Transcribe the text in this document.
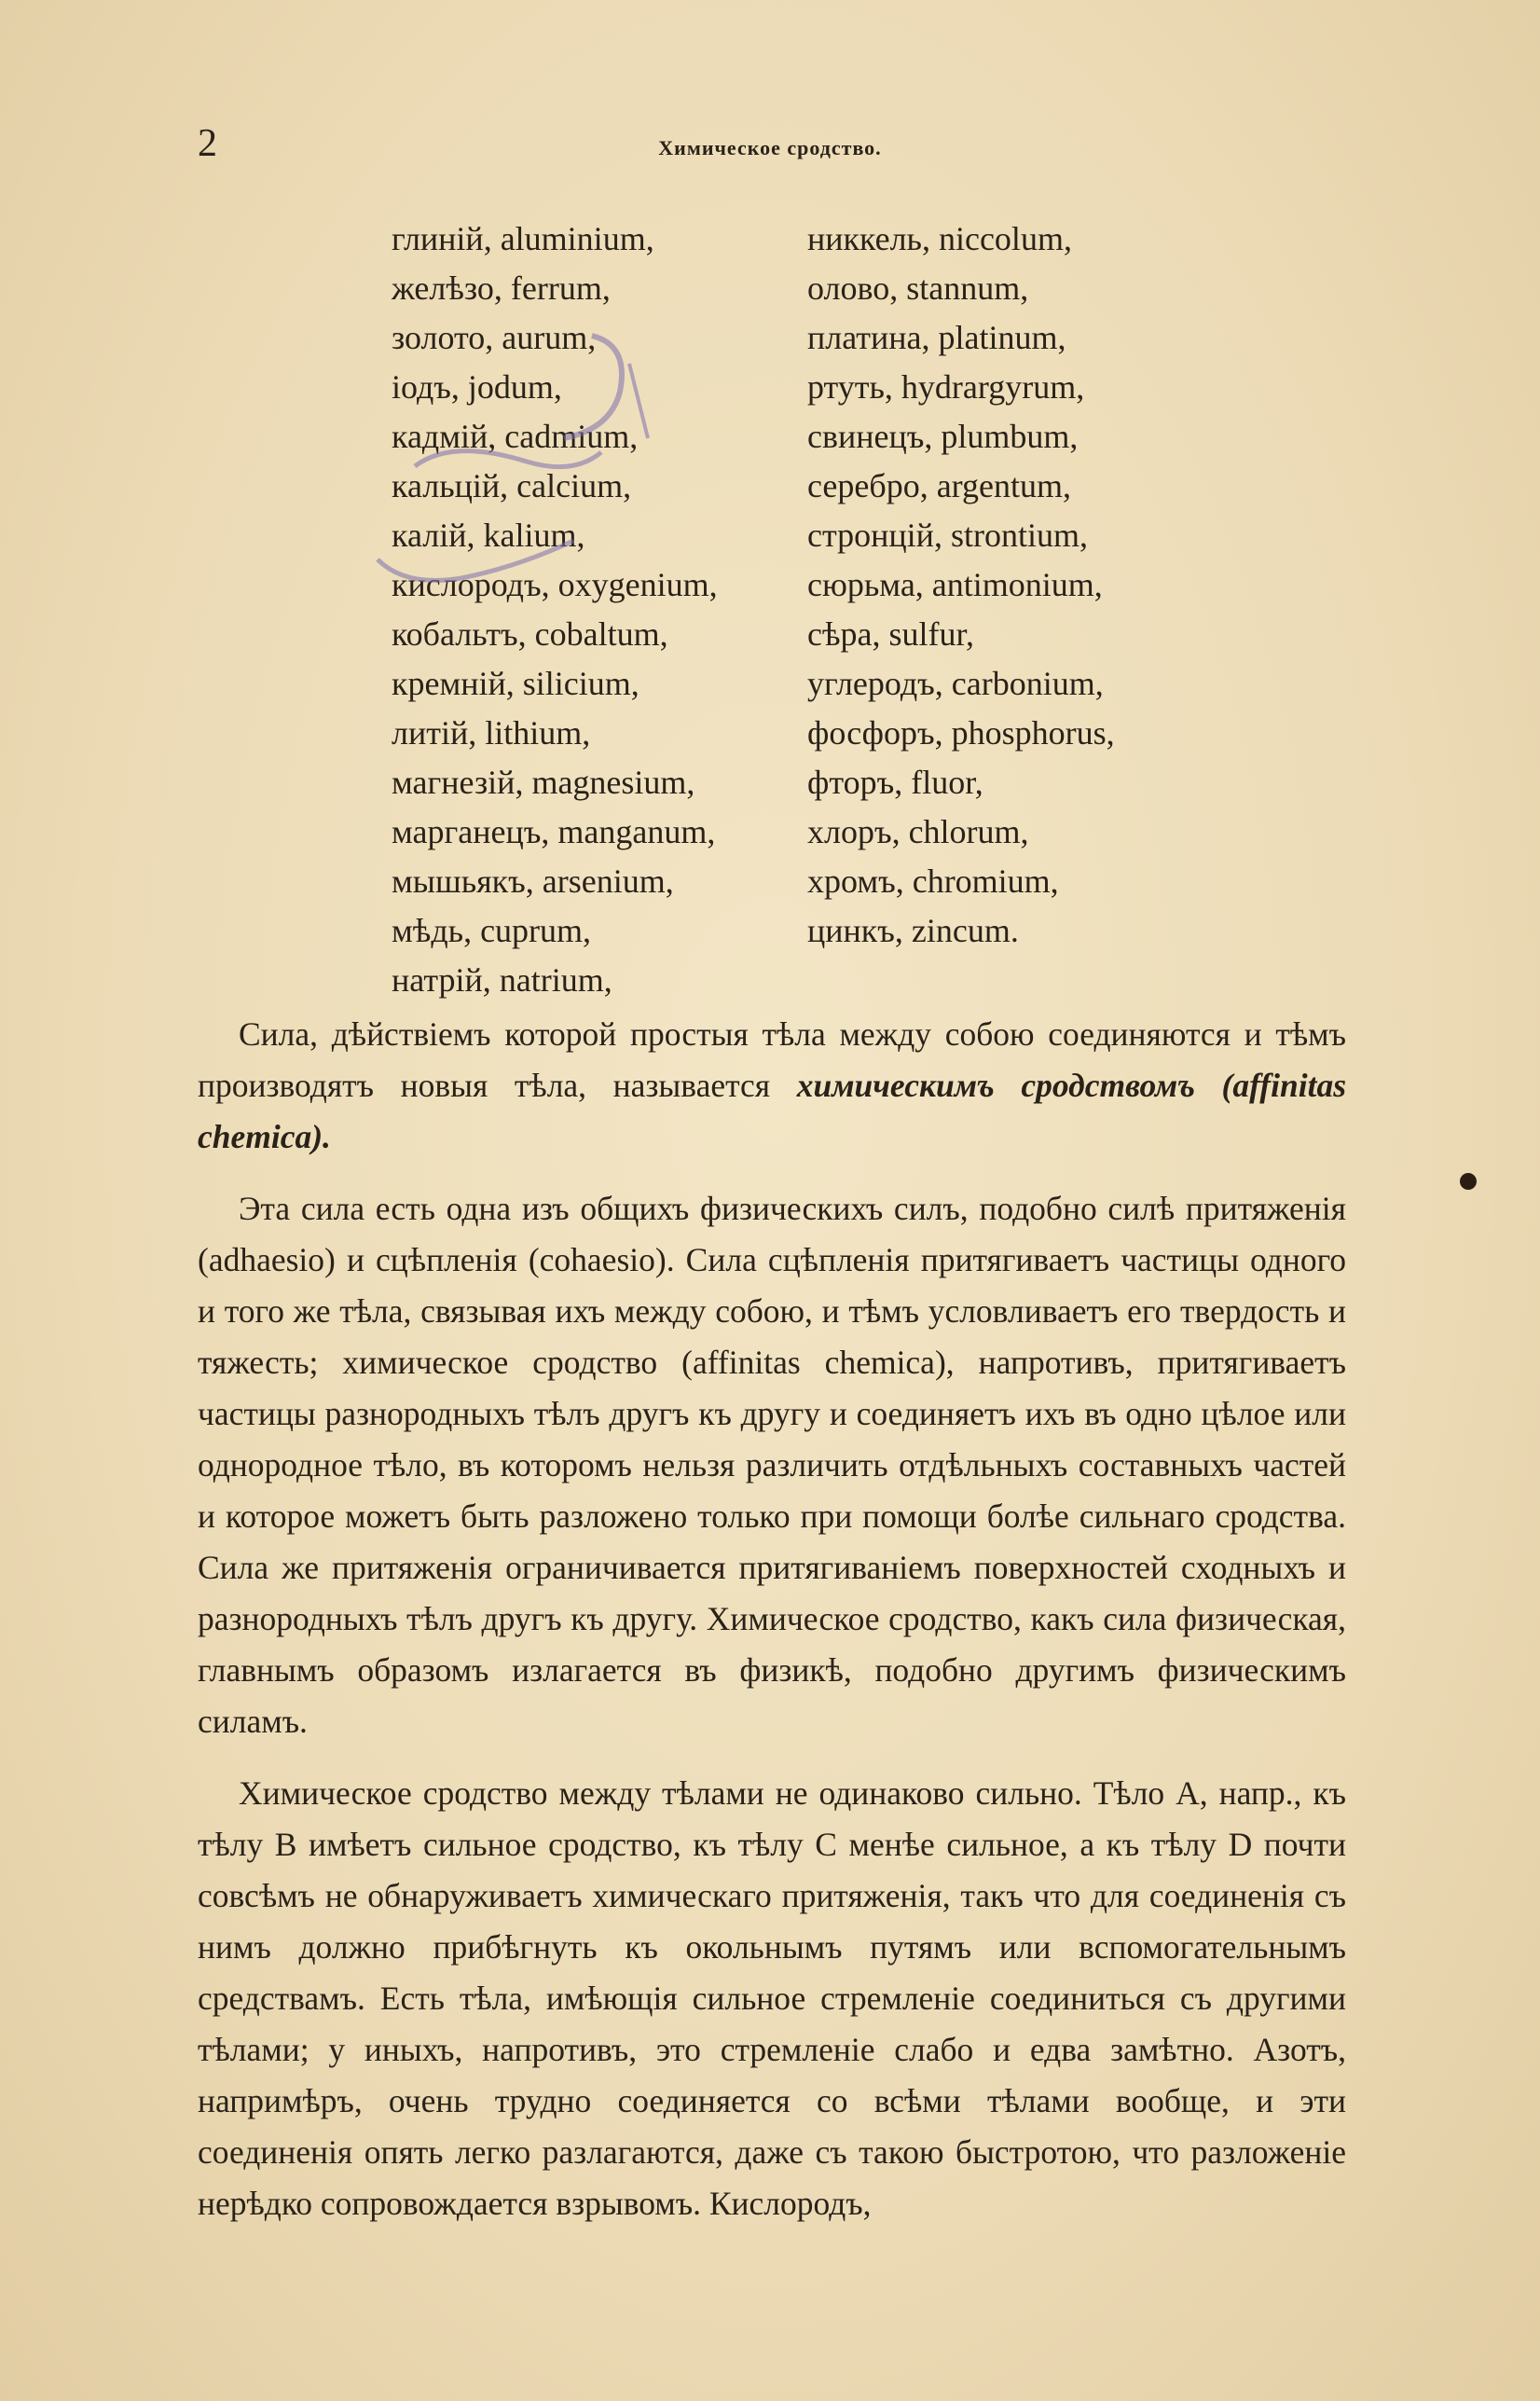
2	Химическое сродство.
глиній, aluminium,
желѣзо, ferrum,
золото, aurum,
іодъ, jodum,
кадмій, cadmium,
кальцій, calcium,
калій, kalium,
кислородъ, oxygenium,
кобальтъ, cobaltum,
кремній, silicium,
литій, lithium,
магнезій, magnesium,
марганецъ, manganum,
мышьякъ, arsenium,
мѣдь, cuprum,
натрій, natrium,
никкель, niccolum,
олово, stannum,
платина, platinum,
ртуть, hydrargyrum,
свинецъ, plumbum,
серебро, argentum,
стронцій, strontium,
сюрьма, antimonium,
сѣра, sulfur,
углеродъ, carbonium,
фосфоръ, phosphorus,
фторъ, fluor,
хлоръ, chlorum,
хромъ, chromium,
цинкъ, zincum.

Сила, дѣйствіемъ которой простыя тѣла между собою соединяются и тѣмъ производятъ новыя тѣла, называется химическимъ сродствомъ (affinitas chemica).

Эта сила есть одна изъ общихъ физическихъ силъ, подобно силѣ притяженія (adhaesio) и сцѣпленія (cohaesio). Сила сцѣпленія притягиваетъ частицы одного и того же тѣла, связывая ихъ между собою, и тѣмъ условливаетъ его твердость и тяжесть; химическое сродство (affinitas chemica), напротивъ, притягиваетъ частицы разнородныхъ тѣлъ другъ къ другу и соединяетъ ихъ въ одно цѣлое или однородное тѣло, въ которомъ нельзя различить отдѣльныхъ составныхъ частей и которое можетъ быть разложено только при помощи болѣе сильнаго сродства. Сила же притяженія ограничивается притягиваніемъ поверхностей сходныхъ и разнородныхъ тѣлъ другъ къ другу. Химическое сродство, какъ сила физическая, главнымъ образомъ излагается въ физикѣ, подобно другимъ физическимъ силамъ.

Химическое сродство между тѣлами не одинаково сильно. Тѣло A, напр., къ тѣлу B имѣетъ сильное сродство, къ тѣлу C менѣе сильное, а къ тѣлу D почти совсѣмъ не обнаруживаетъ химическаго притяженія, такъ что для соединенія съ нимъ должно прибѣгнуть къ окольнымъ путямъ или вспомогательнымъ средствамъ. Есть тѣла, имѣющія сильное стремленіе соединиться съ другими тѣлами; у иныхъ, напротивъ, это стремленіе слабо и едва замѣтно. Азотъ, напримѣръ, очень трудно соединяется со всѣми тѣлами вообще, и эти соединенія опять легко разлагаются, даже съ такою быстротою, что разложеніе нерѣдко сопровождается взрывомъ. Кислородъ,
